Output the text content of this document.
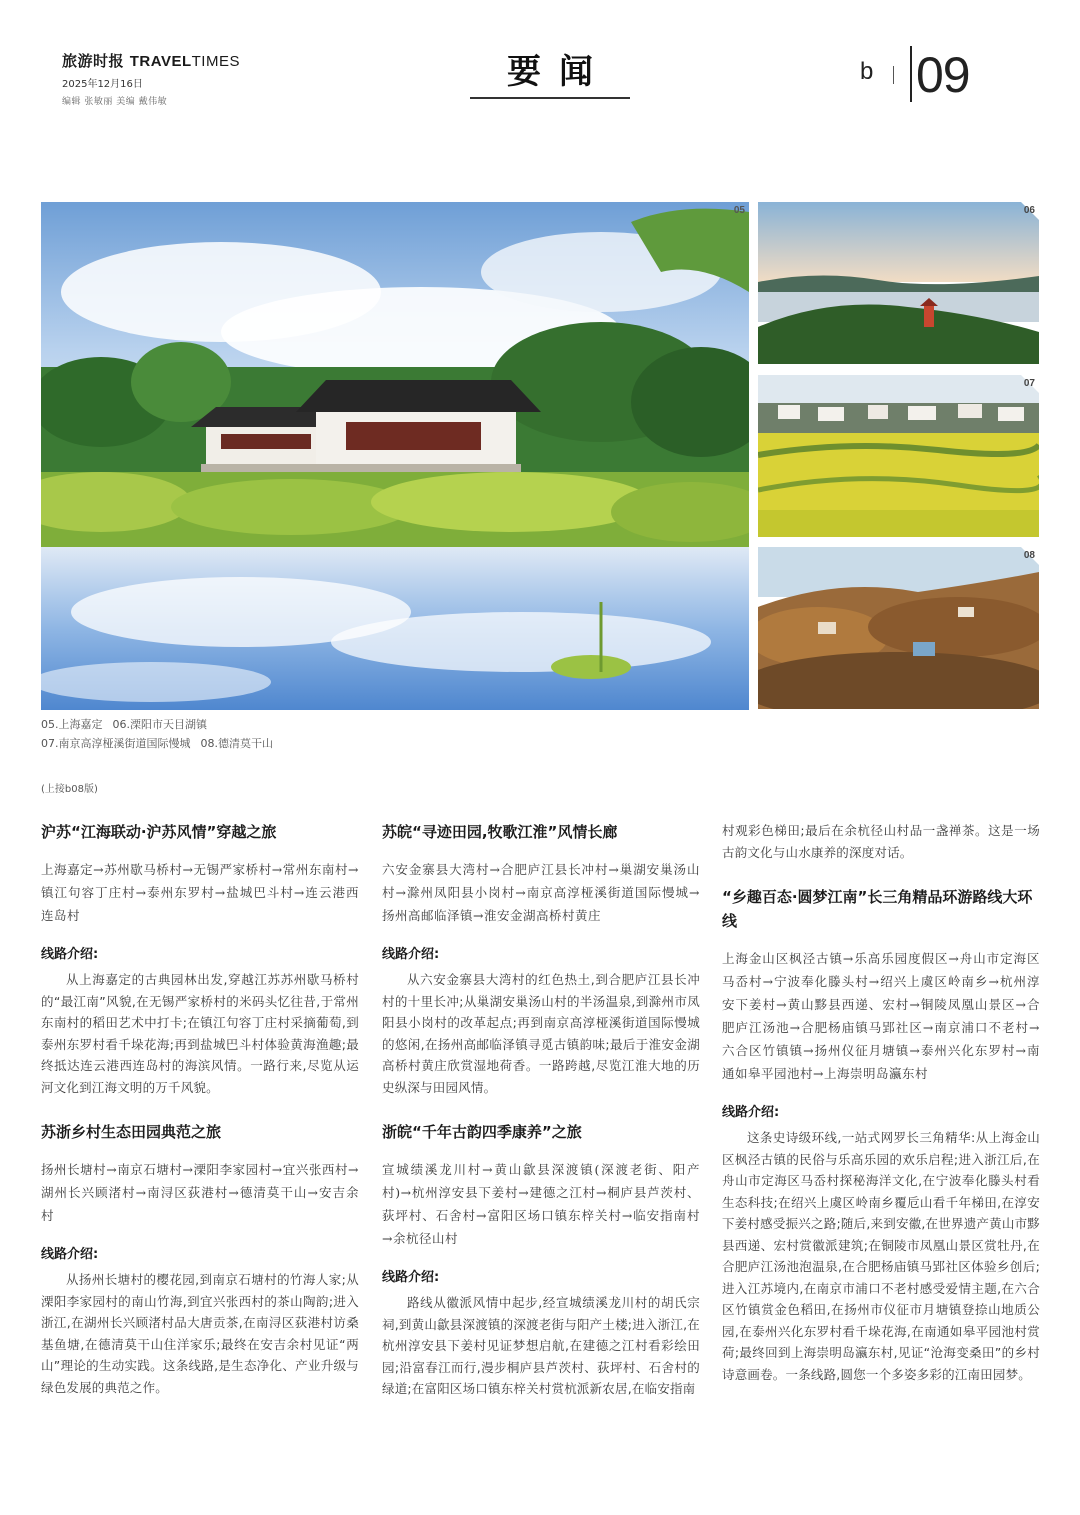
旅游时报 TRAVELTIMES
2025年12月16日
编辑 张敏丽 美编 戴伟敏
要闻	b 09
05	06
07
08
05.上海嘉定 06.溧阳市天目湖镇
07.南京高淳桠溪街道国际慢城 08.德清莫干山
(上接b08版)
沪苏“江海联动·沪苏风情”穿越之旅
上海嘉定→苏州歇马桥村→无锡严家桥村→常州东南村→镇江句容丁庄村→泰州东罗村→盐城巴斗村→连云港西连岛村
线路介绍:
从上海嘉定的古典园林出发,穿越江苏苏州歇马桥村的“最江南”风貌,在无锡严家桥村的米码头忆往昔,于常州东南村的稻田艺术中打卡;在镇江句容丁庄村采摘葡萄,到泰州东罗村看千垛花海;再到盐城巴斗村体验黄海渔趣;最终抵达连云港西连岛村的海滨风情。一路行来,尽览从运河文化到江海文明的万千风貌。
苏浙乡村生态田园典范之旅
扬州长塘村→南京石塘村→溧阳李家园村→宜兴张西村→湖州长兴顾渚村→南浔区荻港村→德清莫干山→安吉余村
线路介绍:
从扬州长塘村的樱花园,到南京石塘村的竹海人家;从溧阳李家园村的南山竹海,到宜兴张西村的茶山陶韵;进入浙江,在湖州长兴顾渚村品大唐贡茶,在南浔区荻港村访桑基鱼塘,在德清莫干山住洋家乐;最终在安吉余村见证“两山”理论的生动实践。这条线路,是生态净化、产业升级与绿色发展的典范之作。
苏皖“寻迹田园,牧歌江淮”风情长廊
六安金寨县大湾村→合肥庐江县长冲村→巢湖安巢汤山村→滁州凤阳县小岗村→南京高淳桠溪街道国际慢城→扬州高邮临泽镇→淮安金湖高桥村黄庄
线路介绍:
从六安金寨县大湾村的红色热土,到合肥庐江县长冲村的十里长冲;从巢湖安巢汤山村的半汤温泉,到滁州市凤阳县小岗村的改革起点;再到南京高淳桠溪街道国际慢城的悠闲,在扬州高邮临泽镇寻觅古镇韵味;最后于淮安金湖高桥村黄庄欣赏湿地荷香。一路跨越,尽览江淮大地的历史纵深与田园风情。
浙皖“千年古韵四季康养”之旅
宣城绩溪龙川村→黄山歙县深渡镇(深渡老街、阳产村)→杭州淳安县下姜村→建德之江村→桐庐县芦茨村、荻坪村、石舍村→富阳区场口镇东梓关村→临安指南村→余杭径山村
线路介绍:
路线从徽派风情中起步,经宣城绩溪龙川村的胡氏宗祠,到黄山歙县深渡镇的深渡老街与阳产土楼;进入浙江,在杭州淳安县下姜村见证梦想启航,在建德之江村看彩绘田园;沿富春江而行,漫步桐庐县芦茨村、荻坪村、石舍村的绿道;在富阳区场口镇东梓关村赏杭派新农居,在临安指南
村观彩色梯田;最后在余杭径山村品一盏禅茶。这是一场古韵文化与山水康养的深度对话。
“乡趣百态·圆梦江南”长三角精品环游路线大环线
上海金山区枫泾古镇→乐高乐园度假区→舟山市定海区马岙村→宁波奉化滕头村→绍兴上虞区岭南乡→杭州淳安下姜村→黄山黟县西递、宏村→铜陵凤凰山景区→合肥庐江汤池→合肥杨庙镇马郢社区→南京浦口不老村→六合区竹镇镇→扬州仪征月塘镇→泰州兴化东罗村→南通如皋平园池村→上海崇明岛瀛东村
线路介绍:
这条史诗级环线,一站式网罗长三角精华:从上海金山区枫泾古镇的民俗与乐高乐园的欢乐启程;进入浙江后,在舟山市定海区马岙村探秘海洋文化,在宁波奉化滕头村看生态科技;在绍兴上虞区岭南乡覆卮山看千年梯田,在淳安下姜村感受振兴之路;随后,来到安徽,在世界遗产黄山市黟县西递、宏村赏徽派建筑;在铜陵市凤凰山景区赏牡丹,在合肥庐江汤池泡温泉,在合肥杨庙镇马郢社区体验乡创后;进入江苏境内,在南京市浦口不老村感受爱情主题,在六合区竹镇赏金色稻田,在扬州市仪征市月塘镇登捺山地质公园,在泰州兴化东罗村看千垛花海,在南通如皋平园池村赏荷;最终回到上海崇明岛瀛东村,见证“沧海变桑田”的乡村诗意画卷。一条线路,圆您一个多姿多彩的江南田园梦。
